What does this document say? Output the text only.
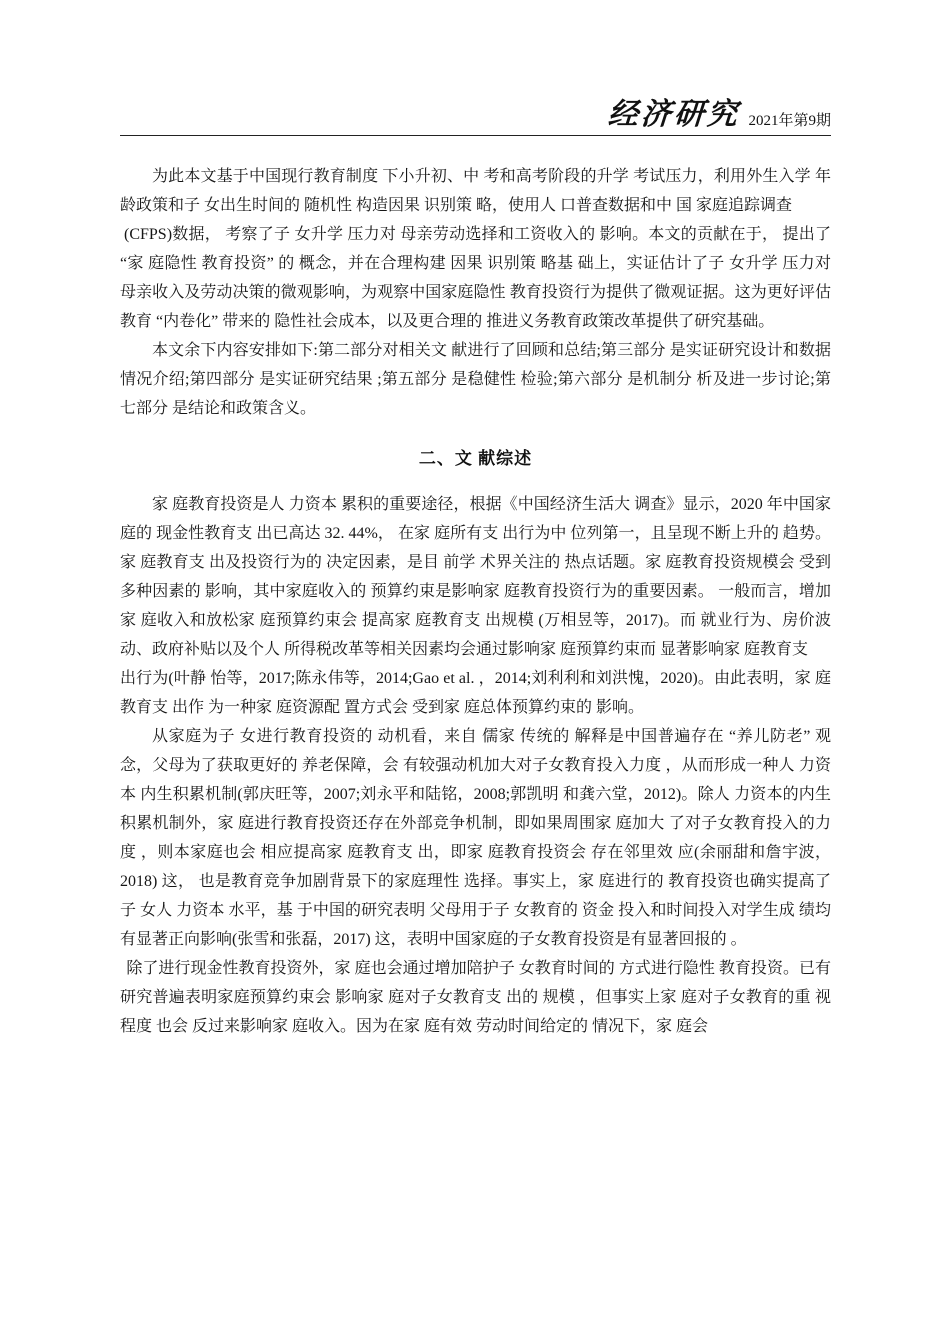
经济研究 2021年第9期

为此本文基于中国现行教育制度 下小升初、中 考和高考阶段的升学 考试压力，利用外生入学 年龄政策和子 女出生时间的 随机性 构造因果 识别策 略，使用人 口普查数据和中 国 家庭追踪调查

(CFPS)数据， 考察了子 女升学 压力对 母亲劳动选择和工资收入的 影响。本文的贡献在于， 提出了 “家 庭隐性 教育投资” 的 概念，并在合理构建 因果 识别策 略基 础上，实证估计了子 女升学 压力对 母亲收入及劳动决策的微观影响，为观察中国家庭隐性 教育投资行为提供了微观证据。这为更好评估教育 “内卷化” 带来的 隐性社会成本，以及更合理的 推进义务教育政策改革提供了研究基础。

本文余下内容安排如下:第二部分对相关文 献进行了回顾和总结;第三部分 是实证研究设计和数据情况介绍;第四部分 是实证研究结果 ;第五部分 是稳健性 检验;第六部分 是机制分 析及进一步讨论;第七部分 是结论和政策含义。

二、文 献综述

家 庭教育投资是人 力资本 累积的重要途径，根据《中国经济生活大 调查》显示，2020 年中国家庭的 现金性教育支 出已高达 32. 44%， 在家 庭所有支 出行为中 位列第一，且呈现不断上升的 趋势。家 庭教育支 出及投资行为的 决定因素，是目 前学 术界关注的 热点话题。家 庭教育投资规模会 受到多种因素的 影响，其中家庭收入的 预算约束是影响家 庭教育投资行为的重要因素。 一般而言，增加家 庭收入和放松家 庭预算约束会 提高家 庭教育支 出规模 (万相昱等，2017)。而 就业行为、房价波动、政府补贴以及个人 所得税改革等相关因素均会通过影响家 庭预算约束而 显著影响家 庭教育支

出行为(叶静 怡等，2017;陈永伟等，2014;Gao et al. ，2014;刘利利和刘洪愧，2020)。由此表明，家 庭教育支 出作 为一种家 庭资源配 置方式会 受到家 庭总体预算约束的 影响。

从家庭为子 女进行教育投资的 动机看，来自 儒家 传统的 解释是中国普遍存在 “养儿防老” 观念，父母为了获取更好的 养老保障，会 有较强动机加大对子女教育投入力度 ，从而形成一种人 力资本 内生积累机制(郭庆旺等，2007;刘永平和陆铭，2008;郭凯明 和龚六堂，2012)。除人 力资本的内生积累机制外，家 庭进行教育投资还存在外部竞争机制，即如果周围家 庭加大 了对子女教育投入的力度 ，则本家庭也会 相应提高家 庭教育支 出，即家 庭教育投资会 存在邻里效 应(余丽甜和詹宇波， 2018) 这， 也是教育竞争加剧背景下的家庭理性 选择。事实上，家 庭进行的 教育投资也确实提高了子 女人 力资本 水平，基 于中国的研究表明 父母用于子 女教育的 资金 投入和时间投入对学生成 绩均有显著正向影响(张雪和张磊，2017) 这，表明中国家庭的子女教育投资是有显著回报的 。

除了进行现金性教育投资外，家 庭也会通过增加陪护子 女教育时间的 方式进行隐性 教育投资。已有研究普遍表明家庭预算约束会 影响家 庭对子女教育支 出的 规模 ，但事实上家 庭对子女教育的重 视程度 也会 反过来影响家 庭收入。因为在家 庭有效 劳动时间给定的 情况下，家 庭会
